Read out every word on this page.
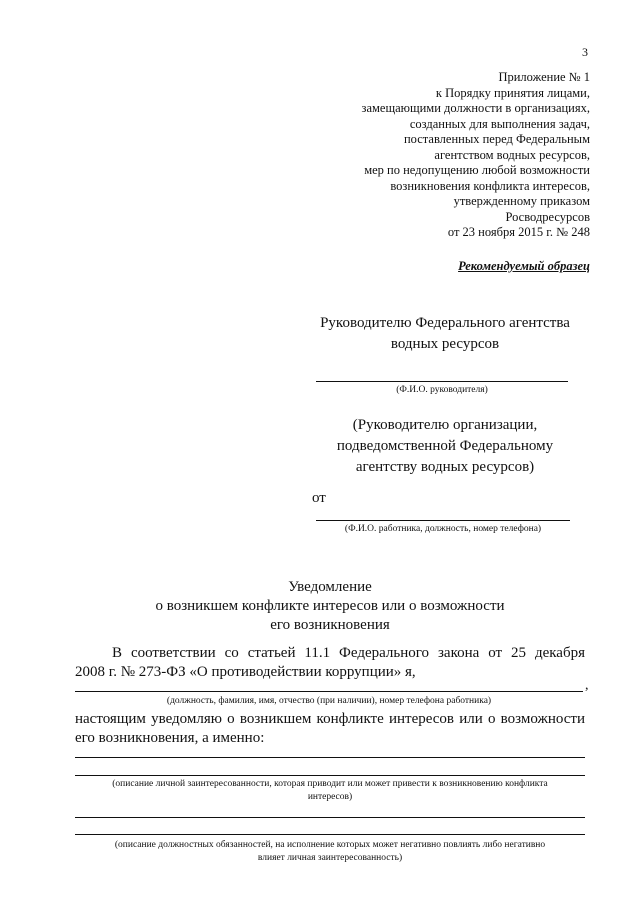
3
Приложение № 1
к Порядку принятия лицами,
замещающими должности в организациях,
созданных для выполнения задач,
поставленных перед Федеральным
агентством водных ресурсов,
мер по недопущению любой возможности
возникновения конфликта интересов,
утвержденному приказом
Росводресурсов
от 23 ноября 2015 г. № 248
Рекомендуемый образец
Руководителю Федерального агентства
водных ресурсов
(Ф.И.О. руководителя)
(Руководителю организации,
подведомственной Федеральному
агентству водных ресурсов)
от
(Ф.И.О. работника, должность, номер телефона)
Уведомление
о возникшем конфликте интересов или о возможности
его возникновения
В соответствии со статьей 11.1 Федерального закона от 25 декабря
2008 г. № 273-ФЗ «О противодействии коррупции» я,
,
(должность, фамилия, имя, отчество (при наличии), номер телефона работника)
настоящим уведомляю о возникшем конфликте интересов или о возможности
его возникновения, а именно:
(описание личной заинтересованности, которая приводит или может привести к возникновению конфликта
интересов)
(описание должностных обязанностей, на исполнение которых может негативно повлиять либо негативно
влияет личная заинтересованность)
